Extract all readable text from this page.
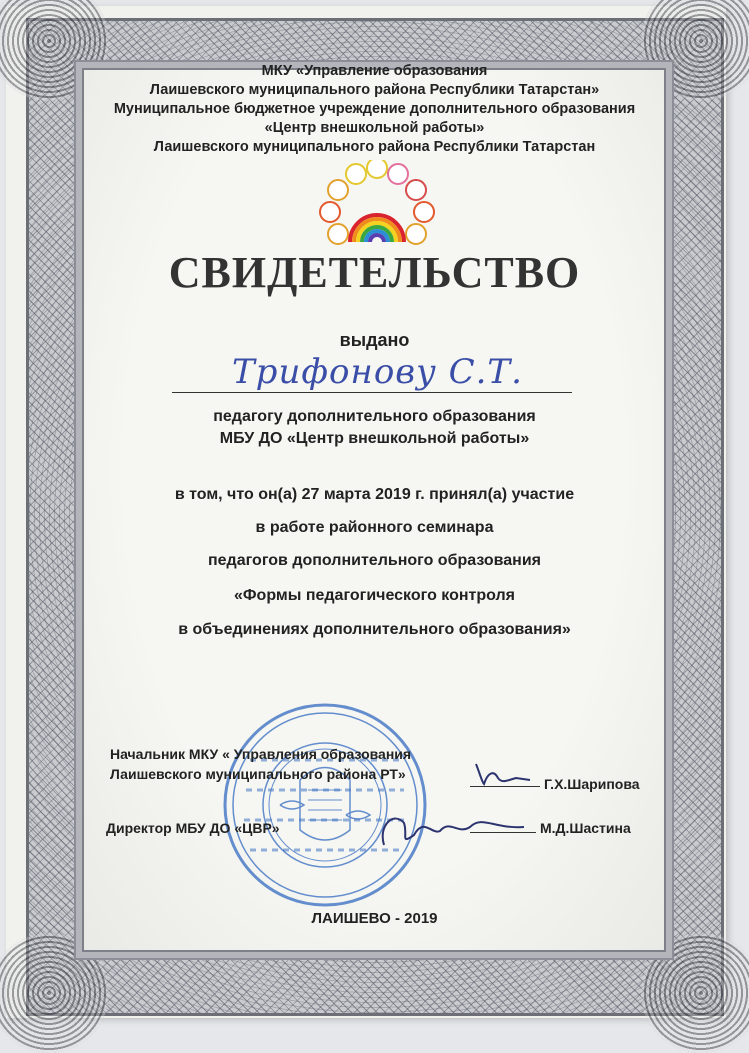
МКУ «Управление образования
Лаишевского муниципального района Республики Татарстан»
Муниципальное бюджетное учреждение дополнительного образования
«Центр внешкольной работы»
Лаишевского муниципального района Республики Татарстан
СВИДЕТЕЛЬСТВО
выдано
Трифонову С.Т.
педагогу дополнительного образования
МБУ ДО «Центр внешкольной работы»
в том, что он(а) 27 марта 2019 г. принял(а) участие
в работе районного семинара
педагогов дополнительного образования
«Формы педагогического контроля
в объединениях дополнительного образования»
Начальник МКУ « Управления образования
Лаишевского муниципального района РТ»
Г.Х.Шарипова
Директор МБУ ДО «ЦВР»	М.Д.Шастина
ЛАИШЕВО - 2019
